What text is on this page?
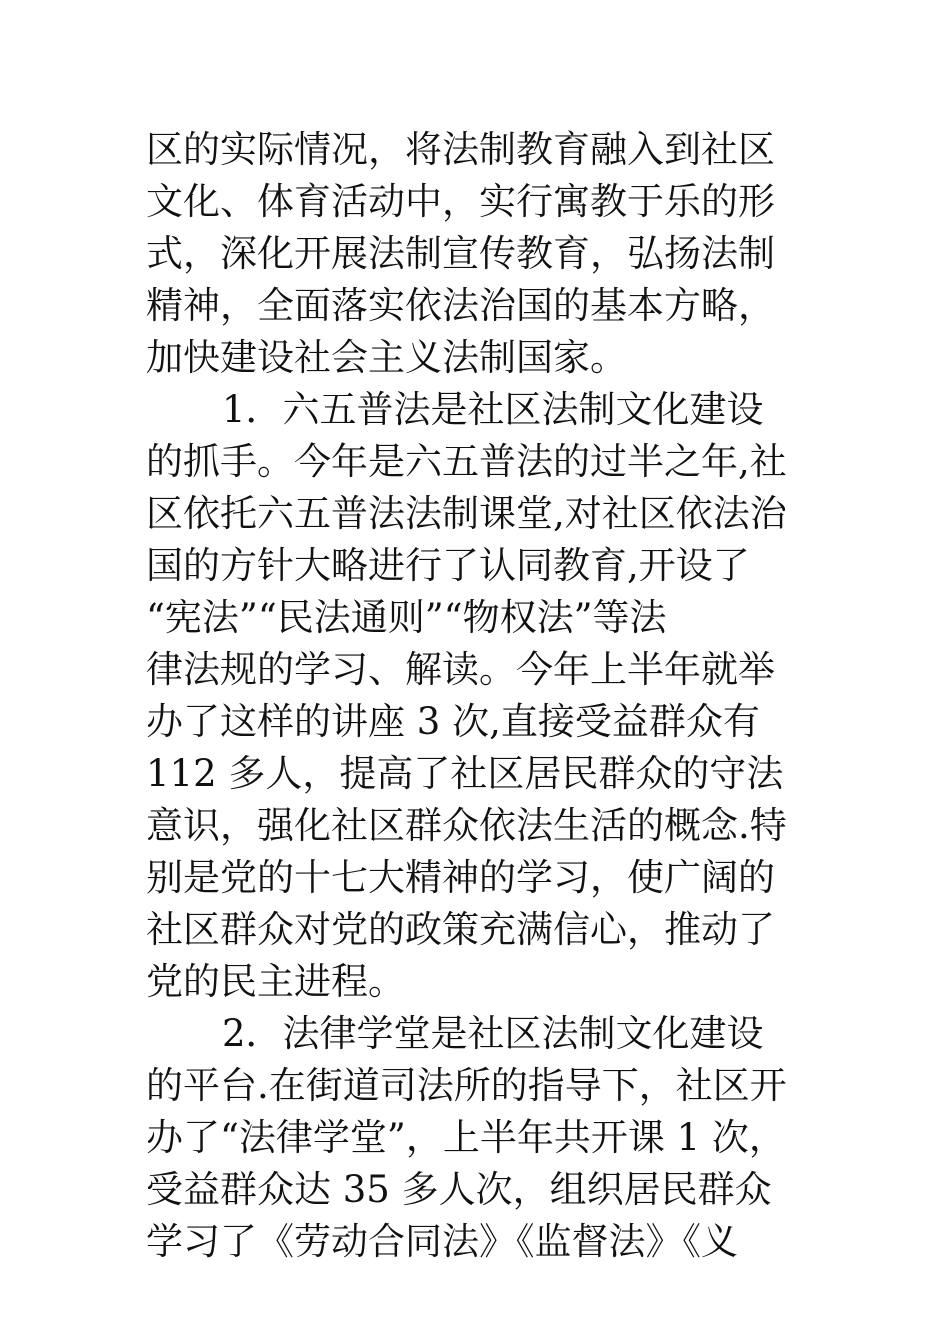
区的实际情况，将法制教育融入到社区
文化、体育活动中，实行寓教于乐的形
式，深化开展法制宣传教育，弘扬法制
精神，全面落实依法治国的基本方略，
加快建设社会主义法制国家。
1．六五普法是社区法制文化建设
的抓手。今年是六五普法的过半之年,社
区依托六五普法法制课堂,对社区依法治
国的方针大略进行了认同教育,开设了
“宪法”“民法通则”“物权法”等法
律法规的学习、解读。今年上半年就举
办了这样的讲座 3 次,直接受益群众有
112 多人，提高了社区居民群众的守法
意识，强化社区群众依法生活的概念.特
别是党的十七大精神的学习，使广阔的
社区群众对党的政策充满信心，推动了
党的民主进程。
2．法律学堂是社区法制文化建设
的平台.在街道司法所的指导下，社区开
办了“法律学堂”，上半年共开课 1 次，
受益群众达 35 多人次，组织居民群众
学习了《劳动合同法》《监督法》《义
